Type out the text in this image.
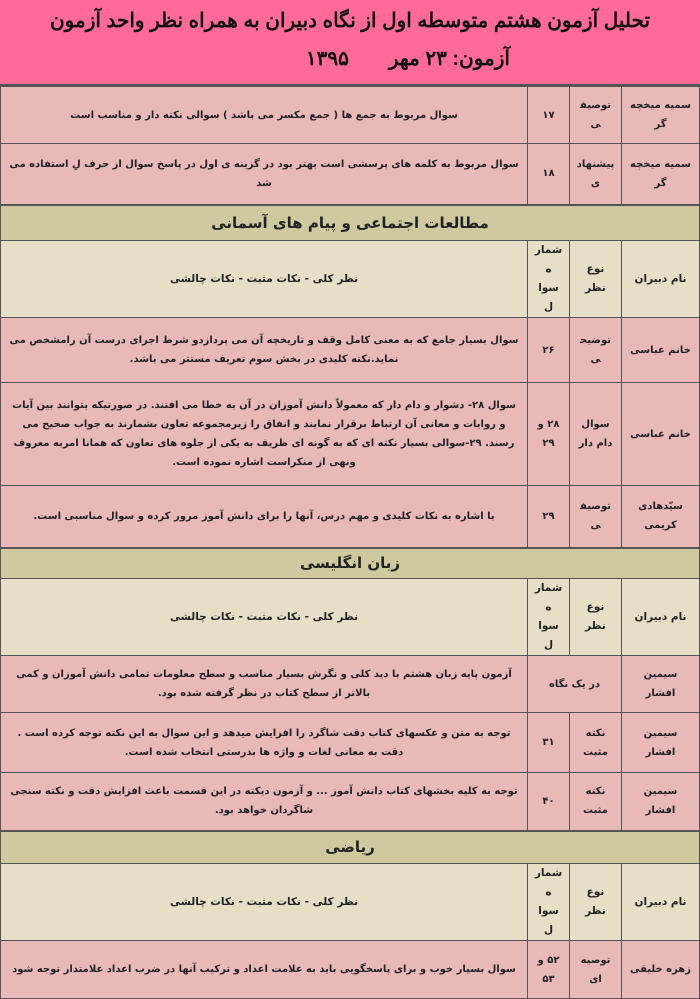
تحلیل آزمون هشتم متوسطه اول از نگاه دبیران به همراه نظر واحد آزمون
آزمون: ۲۳ مهر۱۳۹۵
سمیه میخچه گر	توصیفی	۱۷	سوال مربوط به جمع ها ( جمع مکسر می باشد ) سوالی نکته دار و مناسب است
سمیه میخچه گر	پیشنهادی	۱۸	سوال مربوط به کلمه های پرسشی است بهتر بود در گزینه ی اول در پاسخ سوال از حرف لِ استفاده می شد
مطالعات اجتماعی و پیام های آسمانی			
نام دبیران	نوع نظر	شماره سوال	نظر کلی - نکات مثبت - نکات چالشی
خانم عباسی	توضیحی	۲۶	سوال بسیار جامع که به معنی کامل وقف و تاریخچه آن می پردازدو شرط اجرای درست آن رامشخص می نماید.نکته کلیدی در بخش سوم تعریف مستتر می باشد.
خانم عباسی	سوال دام دار	۲۸ و ۲۹	سوال ۲۸- دشوار و دام دار که معمولاً دانش آموزان در آن به خطا می افتند. در صورتیکه بتوانند بین آیات و روایات و معانی آن ارتباط برقرار نمایند و انفاق را زیرمجموعه تعاون بشمارند به جواب صحیح می رسند. ۲۹-سوالی بسیار نکته ای که به گونه ای ظریف به یکی از جلوه های تعاون که همانا امربه معروف ونهی از منکراست اشاره نموده است.
سیّدهادی کریمی	توصیفی	۲۹	با اشاره به نکات کلیدی و مهم درس، آنها را برای دانش آموز مرور کرده و سوال مناسبی است.
زبان انگلیسی			
نام دبیران	نوع نظر	شماره سوال	نظر کلی - نکات مثبت - نکات چالشی
سیمین افشار	در یک نگاه		آزمون پایه زبان هشتم با دید کلی و نگرش بسیار مناسب و سطح معلومات تمامی دانش آموزان و کمی بالاتر از سطح کتاب در نظر گرفته شده بود.
سیمین افشار	نکته مثبت	۳۱	توجه به متن و عکسهای کتاب دقت شاگرد را افزایش میدهد و این سوال به این نکته توجه کرده است . دقت به معانی لغات و واژه ها بدرستی انتخاب شده است.
سیمین افشار	نکته مثبت	۴۰	توجه به کلیه بخشهای کتاب دانش آموز ... و آزمون دیکته در این قسمت باعث افزایش دقت و نکته سنجی شاگردان خواهد بود.
ریاضی			
نام دبیران	نوع نظر	شماره سوال	نظر کلی - نکات مثبت - نکات چالشی
زهره خلیقی	توصیه ای	۵۲ و ۵۳	سوال بسیار خوب و برای پاسخگویی باید به علامت اعداد و ترکیب آنها در ضرب اعداد علامتدار توجه شود
